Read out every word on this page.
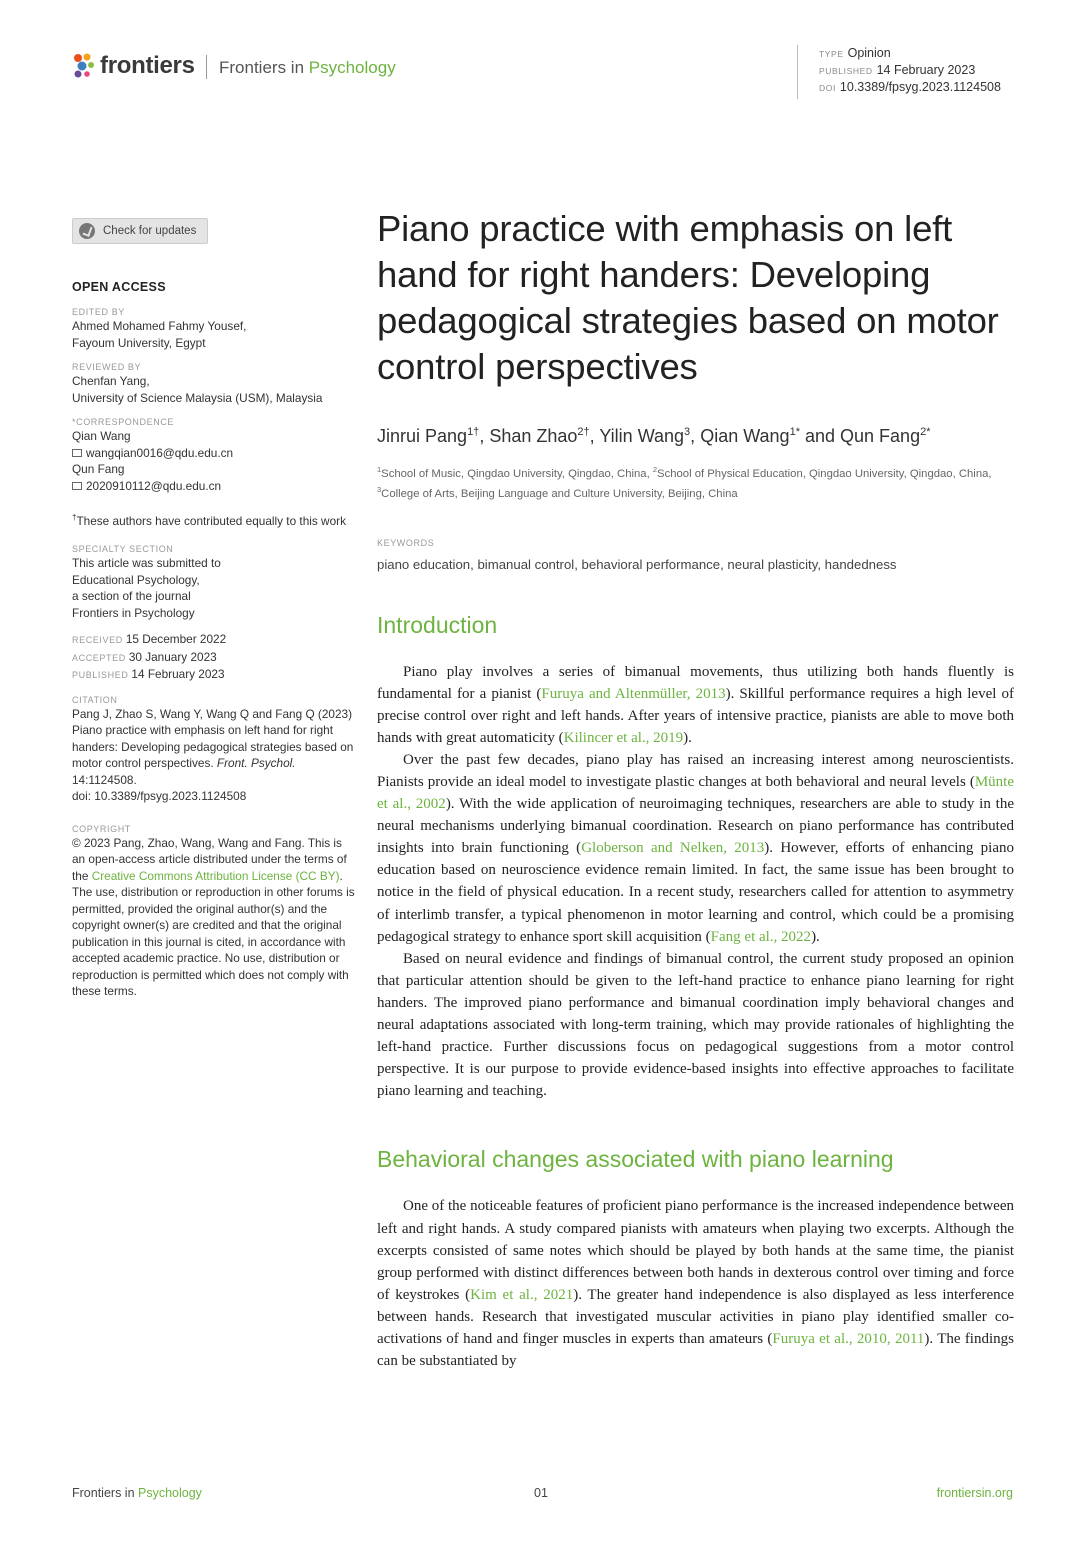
frontiers Frontiers in Psychology
TYPE Opinion
PUBLISHED 14 February 2023
DOI 10.3389/fpsyg.2023.1124508
Check for updates
OPEN ACCESS
EDITED BY
Ahmed Mohamed Fahmy Yousef,
Fayoum University, Egypt
REVIEWED BY
Chenfan Yang,
University of Science Malaysia (USM), Malaysia
*CORRESPONDENCE
Qian Wang
wangqian0016@qdu.edu.cn
Qun Fang
2020910112@qdu.edu.cn
†These authors have contributed equally to this work
SPECIALTY SECTION
This article was submitted to
Educational Psychology,
a section of the journal
Frontiers in Psychology
RECEIVED 15 December 2022
ACCEPTED 30 January 2023
PUBLISHED 14 February 2023
CITATION
Pang J, Zhao S, Wang Y, Wang Q and Fang Q (2023) Piano practice with emphasis on left hand for right handers: Developing pedagogical strategies based on motor control perspectives. Front. Psychol. 14:1124508.
doi: 10.3389/fpsyg.2023.1124508
COPYRIGHT
© 2023 Pang, Zhao, Wang, Wang and Fang. This is an open-access article distributed under the terms of the Creative Commons Attribution License (CC BY). The use, distribution or reproduction in other forums is permitted, provided the original author(s) and the copyright owner(s) are credited and that the original publication in this journal is cited, in accordance with accepted academic practice. No use, distribution or reproduction is permitted which does not comply with these terms.
Piano practice with emphasis on left hand for right handers: Developing pedagogical strategies based on motor control perspectives
Jinrui Pang$^{1\dagger}$, Shan Zhao$^{2\dagger}$, Yilin Wang$^3$, Qian Wang$^{1*}$ and Qun Fang$^{2*}$
$^1$School of Music, Qingdao University, Qingdao, China, $^2$School of Physical Education, Qingdao University, Qingdao, China, $^3$College of Arts, Beijing Language and Culture University, Beijing, China
KEYWORDS
piano education, bimanual control, behavioral performance, neural plasticity, handedness
Introduction

Piano play involves a series of bimanual movements, thus utilizing both hands fluently is fundamental for a pianist (Furuya and Altenmüller, 2013). Skillful performance requires a high level of precise control over right and left hands. After years of intensive practice, pianists are able to move both hands with great automaticity (Kilincer et al., 2019).

Over the past few decades, piano play has raised an increasing interest among neuroscientists. Pianists provide an ideal model to investigate plastic changes at both behavioral and neural levels (Münte et al., 2002). With the wide application of neuroimaging techniques, researchers are able to study in the neural mechanisms underlying bimanual coordination. Research on piano performance has contributed insights into brain functioning (Globerson and Nelken, 2013). However, efforts of enhancing piano education based on neuroscience evidence remain limited. In fact, the same issue has been brought to notice in the field of physical education. In a recent study, researchers called for attention to asymmetry of interlimb transfer, a typical phenomenon in motor learning and control, which could be a promising pedagogical strategy to enhance sport skill acquisition (Fang et al., 2022).

Based on neural evidence and findings of bimanual control, the current study proposed an opinion that particular attention should be given to the left-hand practice to enhance piano learning for right handers. The improved piano performance and bimanual coordination imply behavioral changes and neural adaptations associated with long-term training, which may provide rationales of highlighting the left-hand practice. Further discussions focus on pedagogical suggestions from a motor control perspective. It is our purpose to provide evidence-based insights into effective approaches to facilitate piano learning and teaching.

Behavioral changes associated with piano learning

One of the noticeable features of proficient piano performance is the increased independence between left and right hands. A study compared pianists with amateurs when playing two excerpts. Although the excerpts consisted of same notes which should be played by both hands at the same time, the pianist group performed with distinct differences between both hands in dexterous control over timing and force of keystrokes (Kim et al., 2021). The greater hand independence is also displayed as less interference between hands. Research that investigated muscular activities in piano play identified smaller co-activations of hand and finger muscles in experts than amateurs (Furuya et al., 2010, 2011). The findings can be substantiated by

Frontiers in Psychology	01	frontiersin.org
